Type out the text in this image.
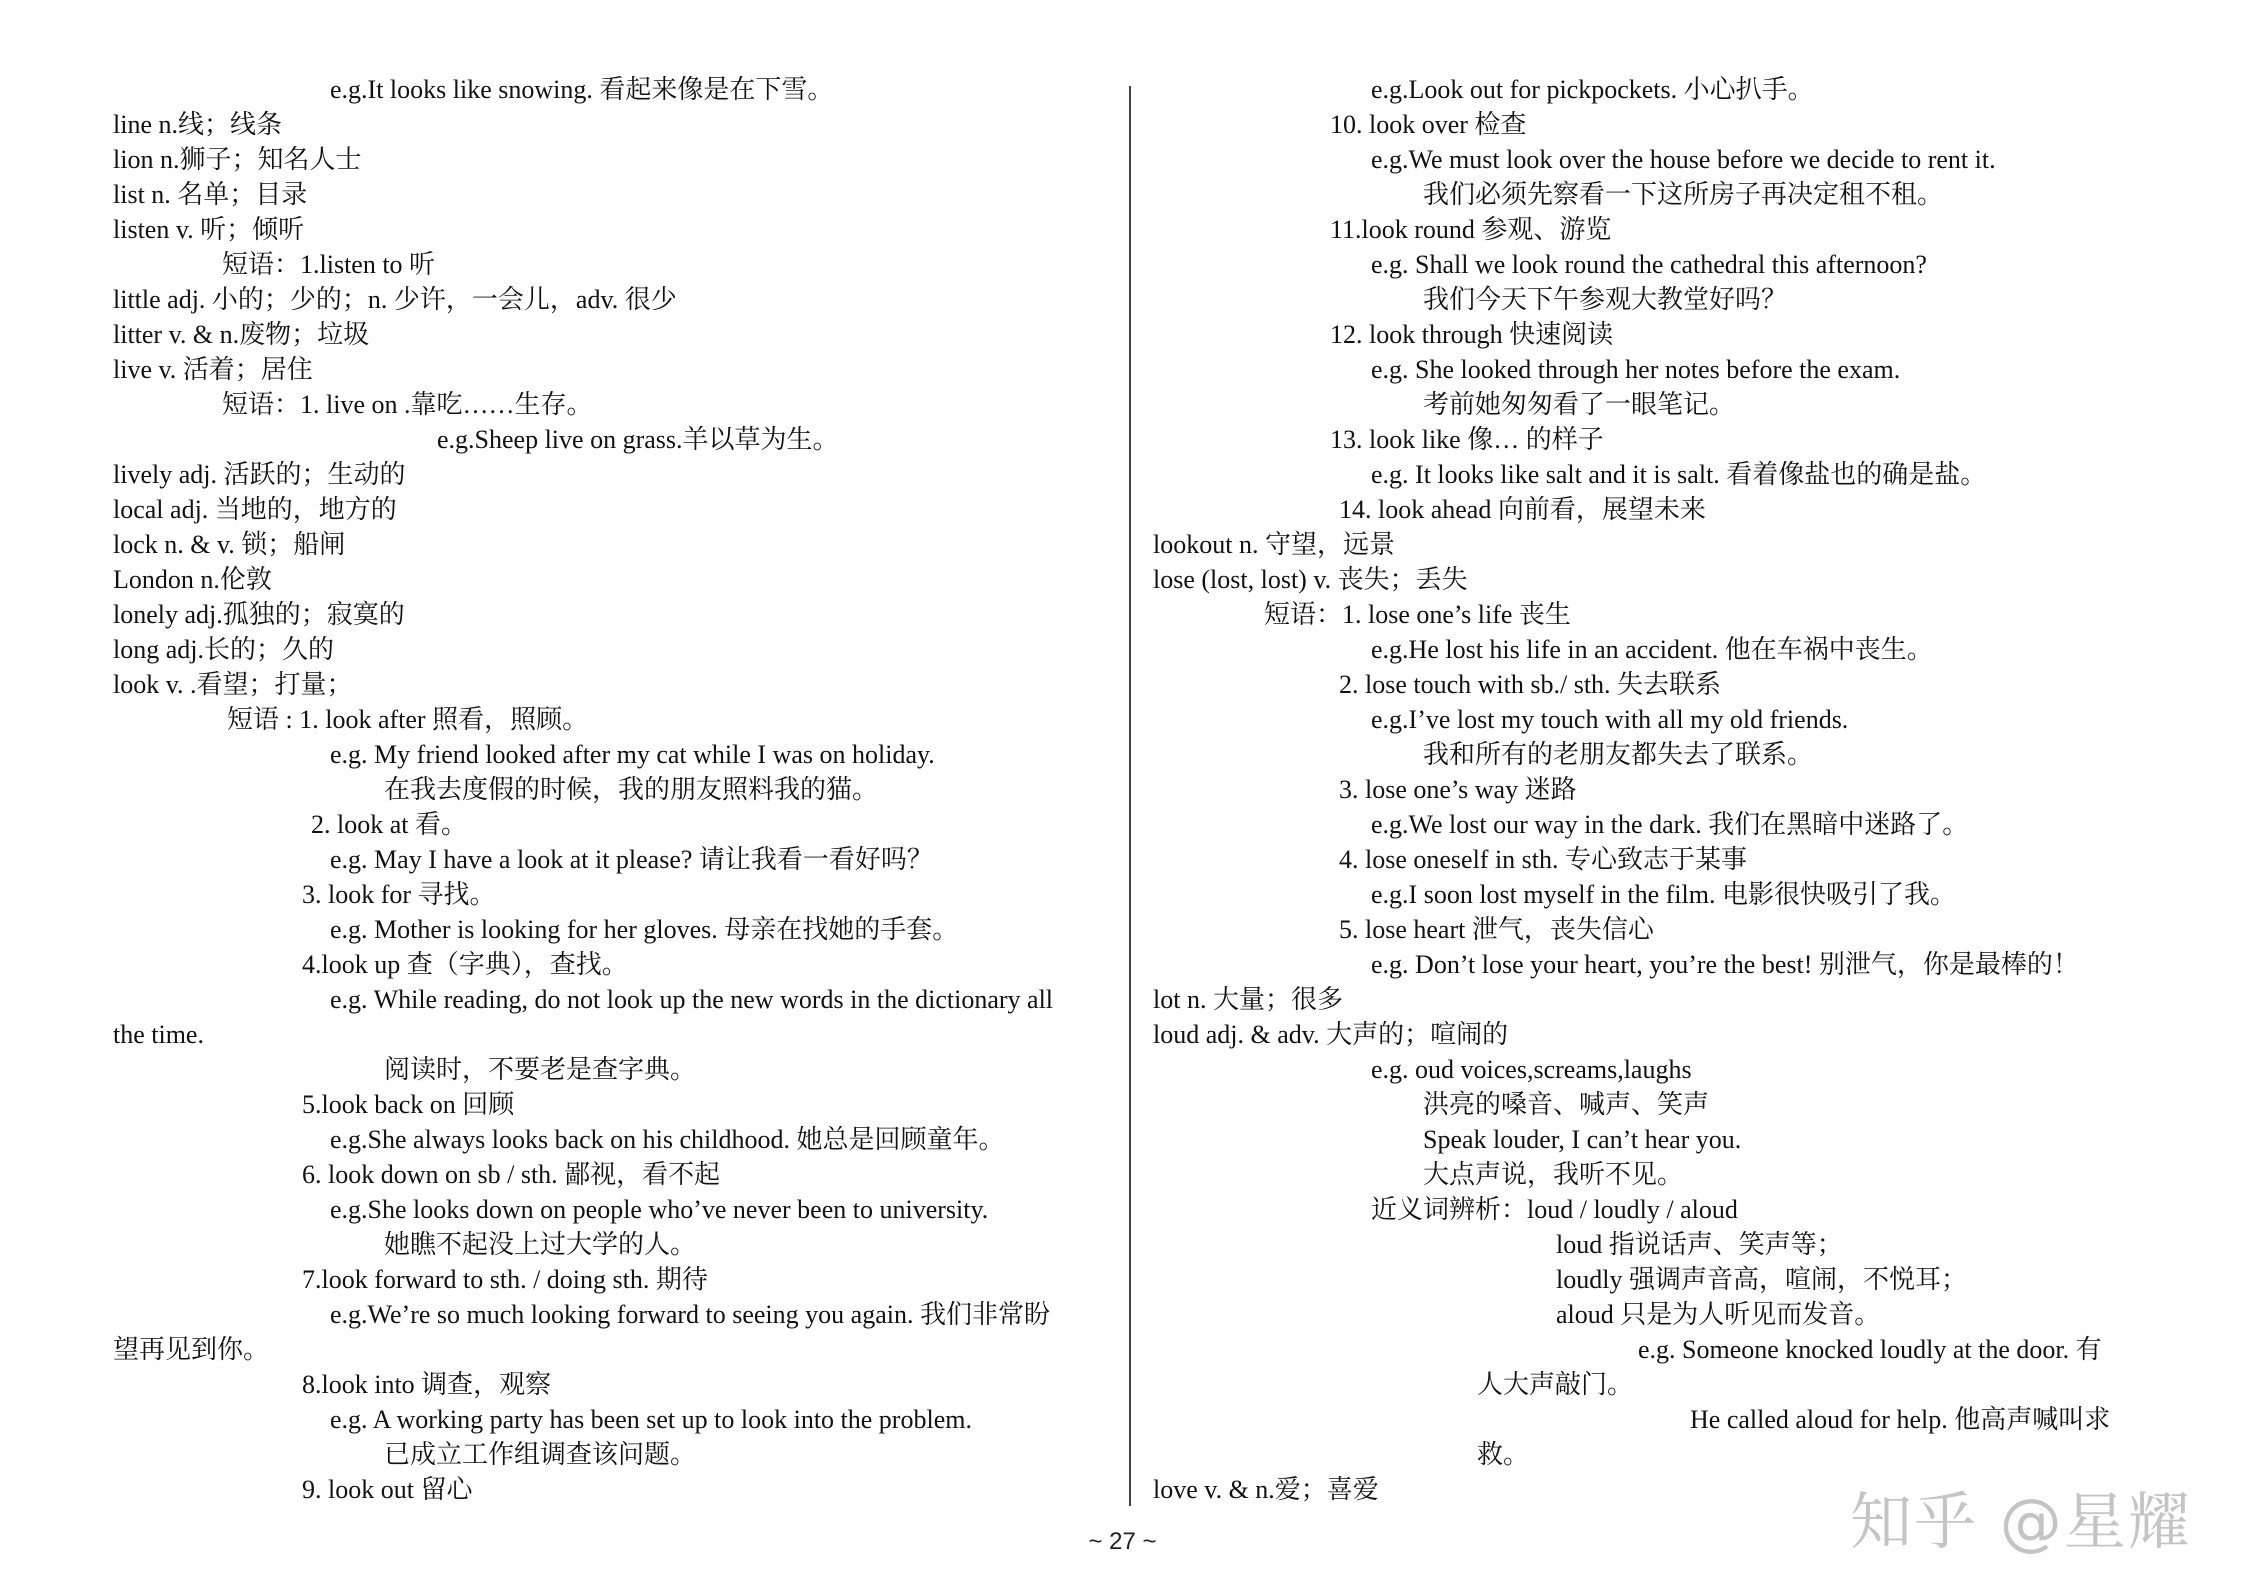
e.g.It looks like snowing. 看起来像是在下雪。
line n.线；线条
lion n.狮子；知名人士
list n. 名单；目录
listen v. 听；倾听
短语：1.listen to 听
little adj. 小的；少的；n. 少许，一会儿，adv. 很少
litter v. & n.废物；垃圾
live v. 活着；居住
短语：1. live on .靠吃……生存。
e.g.Sheep live on grass.羊以草为生。
lively adj. 活跃的；生动的
local adj. 当地的，地方的
lock n. & v. 锁；船闸
London n.伦敦
lonely adj.孤独的；寂寞的
long adj.长的；久的
look v. .看望；打量；
短语 : 1. look after 照看，照顾。
e.g. My friend looked after my cat while I was on holiday.
在我去度假的时候，我的朋友照料我的猫。
2. look at 看。
e.g. May I have a look at it please? 请让我看一看好吗？
3. look for 寻找。
e.g. Mother is looking for her gloves. 母亲在找她的手套。
4.look up 查（字典），查找。
e.g. While reading, do not look up the new words in the dictionary all
the time.
阅读时，不要老是查字典。
5.look back on 回顾
e.g.She always looks back on his childhood. 她总是回顾童年。
6. look down on sb / sth. 鄙视，看不起
e.g.She looks down on people who’ve never been to university.
她瞧不起没上过大学的人。
7.look forward to sth. / doing sth. 期待
e.g.We’re so much looking forward to seeing you again. 我们非常盼
望再见到你。
8.look into 调查，观察
e.g. A working party has been set up to look into the problem.
已成立工作组调查该问题。
9. look out 留心
e.g.Look out for pickpockets. 小心扒手。
10. look over 检查
e.g.We must look over the house before we decide to rent it.
我们必须先察看一下这所房子再决定租不租。
11.look round 参观、游览
e.g. Shall we look round the cathedral this afternoon?
我们今天下午参观大教堂好吗？
12. look through 快速阅读
e.g. She looked through her notes before the exam.
考前她匆匆看了一眼笔记。
13. look like 像… 的样子
e.g. It looks like salt and it is salt. 看着像盐也的确是盐。
14. look ahead 向前看，展望未来
lookout n. 守望，远景
lose (lost, lost) v. 丧失；丢失
短语：1. lose one’s life 丧生
e.g.He lost his life in an accident. 他在车祸中丧生。
2. lose touch with sb./ sth. 失去联系
e.g.I’ve lost my touch with all my old friends.
我和所有的老朋友都失去了联系。
3. lose one’s way 迷路
e.g.We lost our way in the dark. 我们在黑暗中迷路了。
4. lose oneself in sth. 专心致志于某事
e.g.I soon lost myself in the film. 电影很快吸引了我。
5. lose heart 泄气，丧失信心
e.g. Don’t lose your heart, you’re the best! 别泄气，你是最棒的！
lot n. 大量；很多
loud adj. & adv. 大声的；喧闹的
e.g. oud voices,screams,laughs
洪亮的嗓音、喊声、笑声
Speak louder, I can’t hear you.
大点声说，我听不见。
近义词辨析：loud / loudly / aloud
loud 指说话声、笑声等；
loudly 强调声音高，喧闹，不悦耳；
aloud 只是为人听见而发音。
e.g. Someone knocked loudly at the door. 有
人大声敲门。
He called aloud for help. 他高声喊叫求
救。
love v. & n.爱；喜爱
~ 27 ~	知乎 @星耀
